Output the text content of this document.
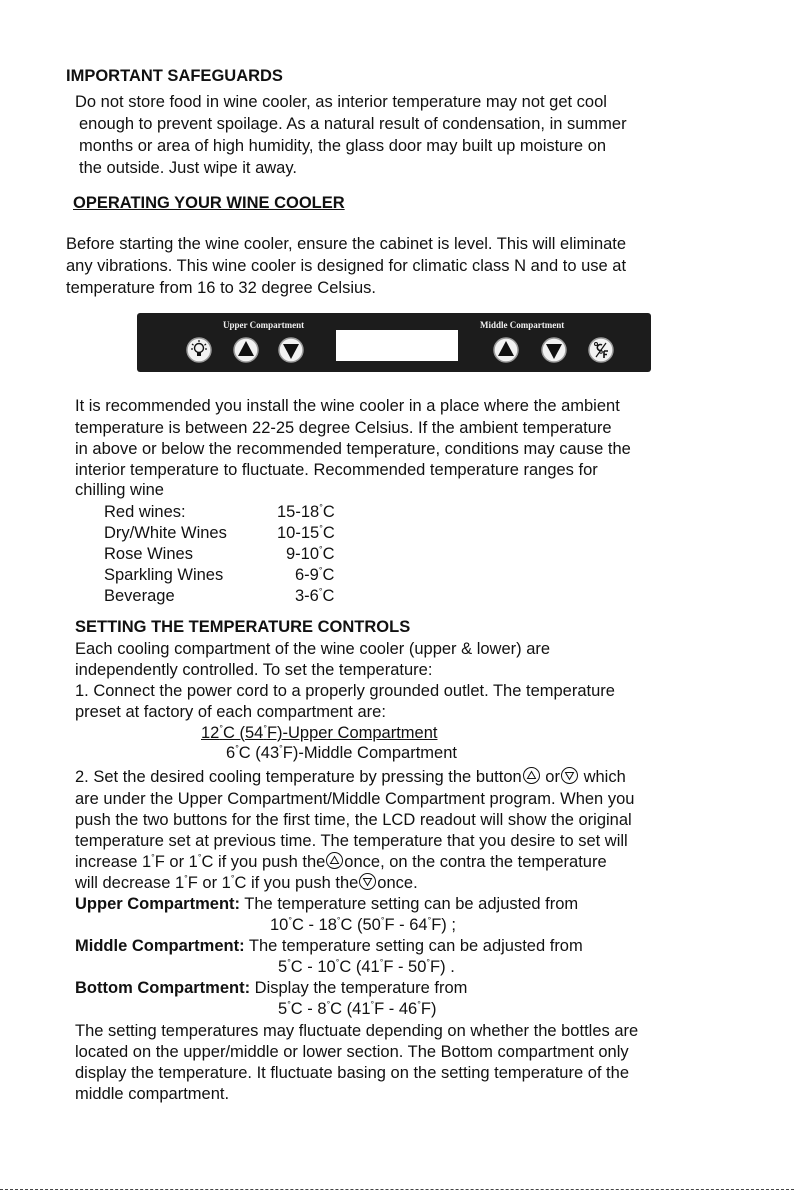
IMPORTANT SAFEGUARDS
Do not store food in wine cooler, as interior temperature may not get cool
enough to prevent spoilage. As a natural result of condensation, in summer
months or area of high humidity, the glass door may built up moisture on
the outside. Just wipe it away.
OPERATING YOUR WINE COOLER
Before starting the wine cooler, ensure the cabinet is level. This will eliminate
any vibrations. This wine cooler is designed for climatic class N and to use at
temperature from 16 to 32 degree Celsius.
Upper Compartment	Middle Compartment
It is recommended you install the wine cooler in a place where the ambient
temperature is between 22-25 degree Celsius. If the ambient temperature
in above or below the recommended temperature, conditions may cause the
interior temperature to fluctuate. Recommended temperature ranges for
chilling wine
Red wines:	15-18°C
Dry/White Wines	10-15°C
Rose Wines	9-10°C
Sparkling Wines	6-9°C
Beverage	3-6°C
SETTING THE TEMPERATURE CONTROLS
Each cooling compartment of the wine cooler (upper & lower) are
independently controlled. To set the temperature:
1. Connect the power cord to a properly grounded outlet. The temperature
preset at factory of each compartment are:
12°C (54°F)-Upper Compartment
6°C (43°F)-Middle Compartment
2. Set the desired cooling temperature by pressing the button or which
are under the Upper Compartment/Middle Compartment program. When you
push the two buttons for the first time, the LCD readout will show the original
temperature set at previous time. The temperature that you desire to set will
increase 1°F or 1°C if you push the once, on the contra the temperature
will decrease 1°F or 1°C if you push the once.
Upper Compartment: The temperature setting can be adjusted from
10°C - 18°C (50°F - 64°F) ;
Middle Compartment: The temperature setting can be adjusted from
5°C - 10°C (41°F - 50°F) .
Bottom Compartment: Display the temperature from
5°C - 8°C (41°F - 46°F)
The setting temperatures may fluctuate depending on whether the bottles are
located on the upper/middle or lower section. The Bottom compartment only
display the temperature. It fluctuate basing on the setting temperature of the
middle compartment.
